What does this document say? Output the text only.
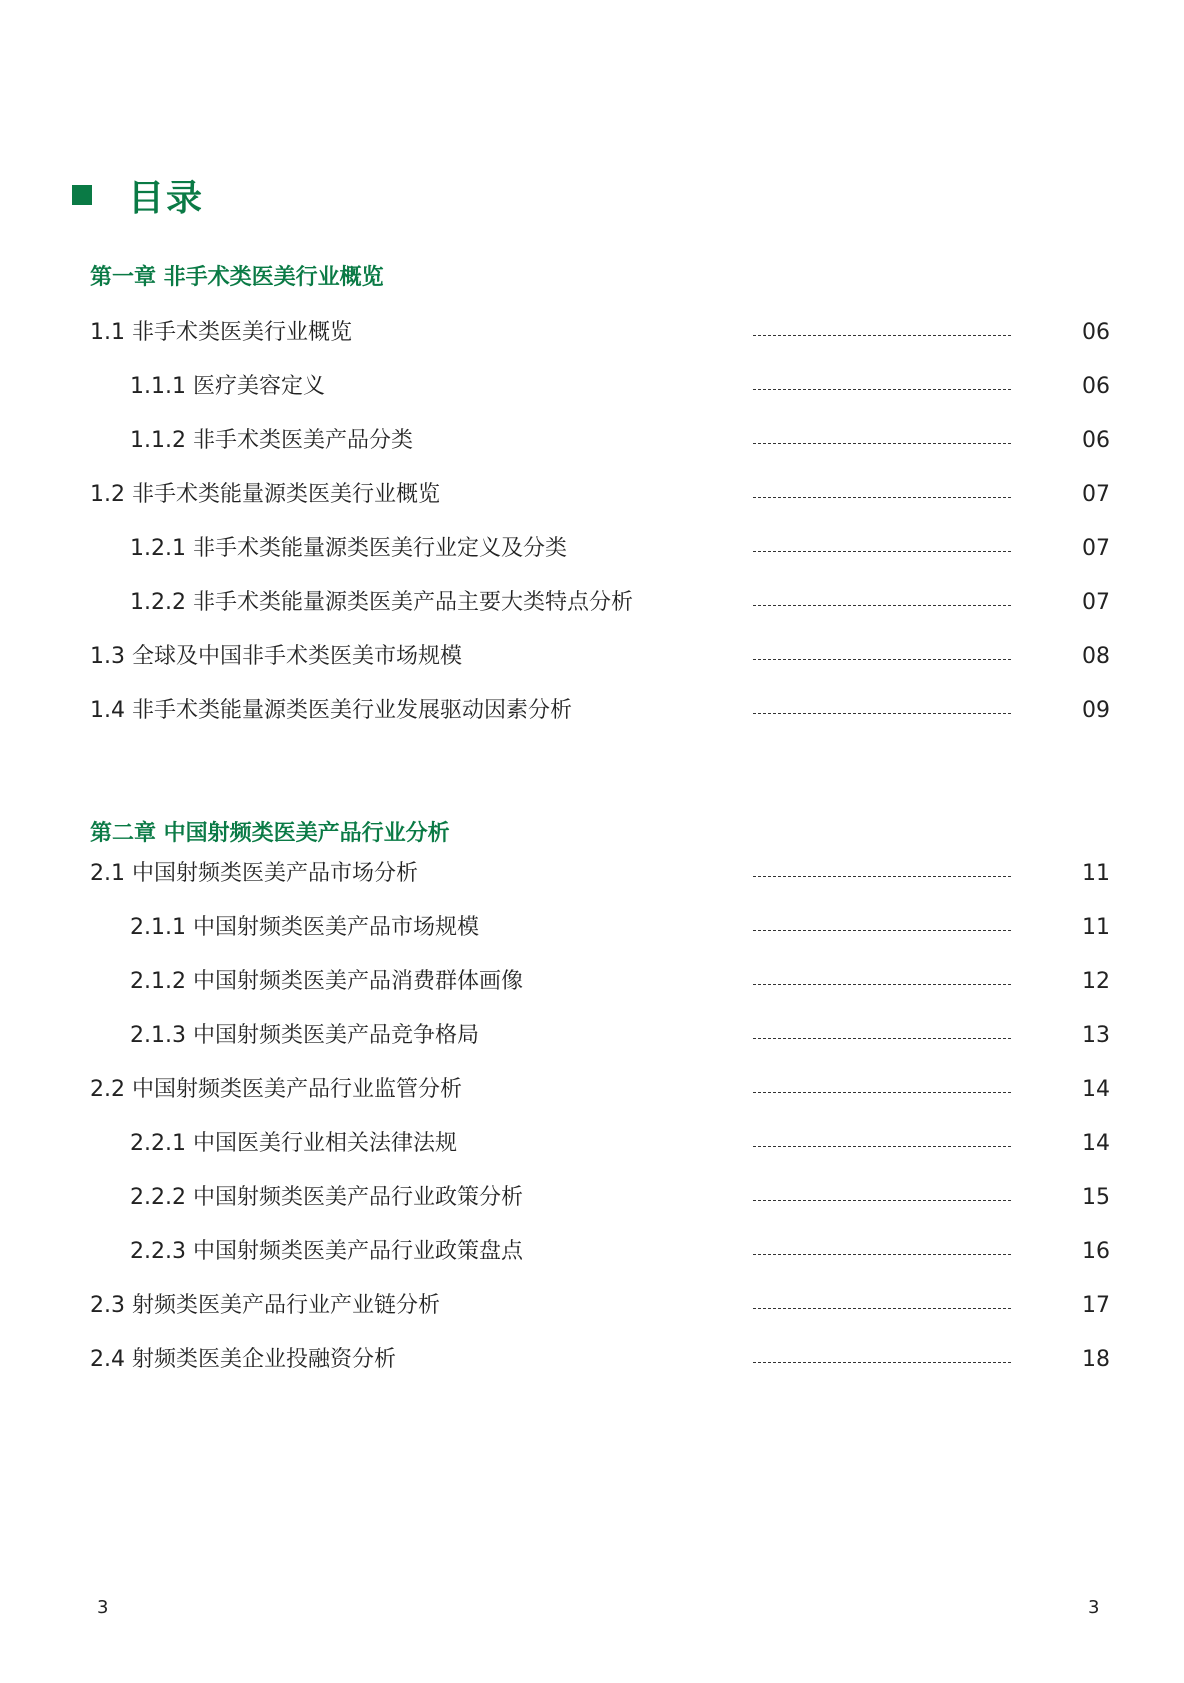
目录
第一章 非手术类医美行业概览
1.1 非手术类医美行业概览	06
1.1.1 医疗美容定义	06
1.1.2 非手术类医美产品分类	06
1.2 非手术类能量源类医美行业概览	07
1.2.1 非手术类能量源类医美行业定义及分类	07
1.2.2 非手术类能量源类医美产品主要大类特点分析	07
1.3 全球及中国非手术类医美市场规模	08
1.4 非手术类能量源类医美行业发展驱动因素分析	09
第二章 中国射频类医美产品行业分析
2.1 中国射频类医美产品市场分析	11
2.1.1 中国射频类医美产品市场规模	11
2.1.2 中国射频类医美产品消费群体画像	12
2.1.3 中国射频类医美产品竞争格局	13
2.2 中国射频类医美产品行业监管分析	14
2.2.1 中国医美行业相关法律法规	14
2.2.2 中国射频类医美产品行业政策分析	15
2.2.3 中国射频类医美产品行业政策盘点	16
2.3 射频类医美产品行业产业链分析	17
2.4 射频类医美企业投融资分析	18
3	3
